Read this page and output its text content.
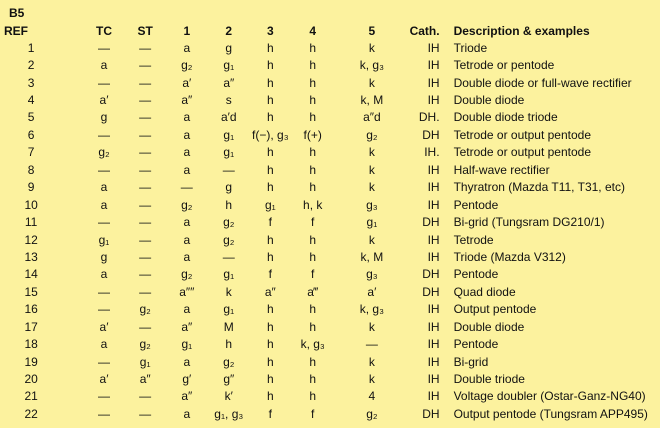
B5
REF		TC	ST	1	2	3	4	5	Cath.	Description & examples
1		—	—	a	g	h	h	k	IH	Triode
2		a	—	g₂	g₁	h	h	k, g₃	IH	Tetrode or pentode
3		—	—	a′	a″	h	h	k	IH	Double diode or full-wave rectifier
4		a′	—	a″	s	h	h	k, M	IH	Double diode
5		g	—	a	a′d	h	h	a″d	DH.	Double diode triode
6		—	—	a	g₁	f(−), g₃	f(+)	g₂	DH	Tetrode or output pentode
7		g₂	—	a	g₁	h	h	k	IH.	Tetrode or output pentode
8		—	—	a	—	h	h	k	IH	Half-wave rectifier
9		a	—	—	g	h	h	k	IH	Thyratron (Mazda T11, T31, etc)
10		a	—	g₂	h	g₁	h, k	g₃	IH	Pentode
11		—	—	a	g₂	f	f	g₁	DH	Bi-grid (Tungsram DG210/1)
12		g₁	—	a	g₂	h	h	k	IH	Tetrode
13		g	—	a	—	h	h	k, M	IH	Triode (Mazda V312)
14		a	—	g₂	g₁	f	f	g₃	DH	Pentode
15		—	—	a″″	k	a″	a‴	a′	DH	Quad diode
16		—	g₂	a	g₁	h	h	k, g₃	IH	Output pentode
17		a′	—	a″	M	h	h	k	IH	Double diode
18		a	g₂	g₁	h	h	k, g₃	—	IH	Pentode
19		—	g₁	a	g₂	h	h	k	IH	Bi-grid
20		a′	a″	g′	g″	h	h	k	IH	Double triode
21		—	—	a″	k′	h	h	4	IH	Voltage doubler (Ostar-Ganz-NG40)
22		—	—	a	g₁, g₃	f	f	g₂	DH	Output pentode (Tungsram APP495)
